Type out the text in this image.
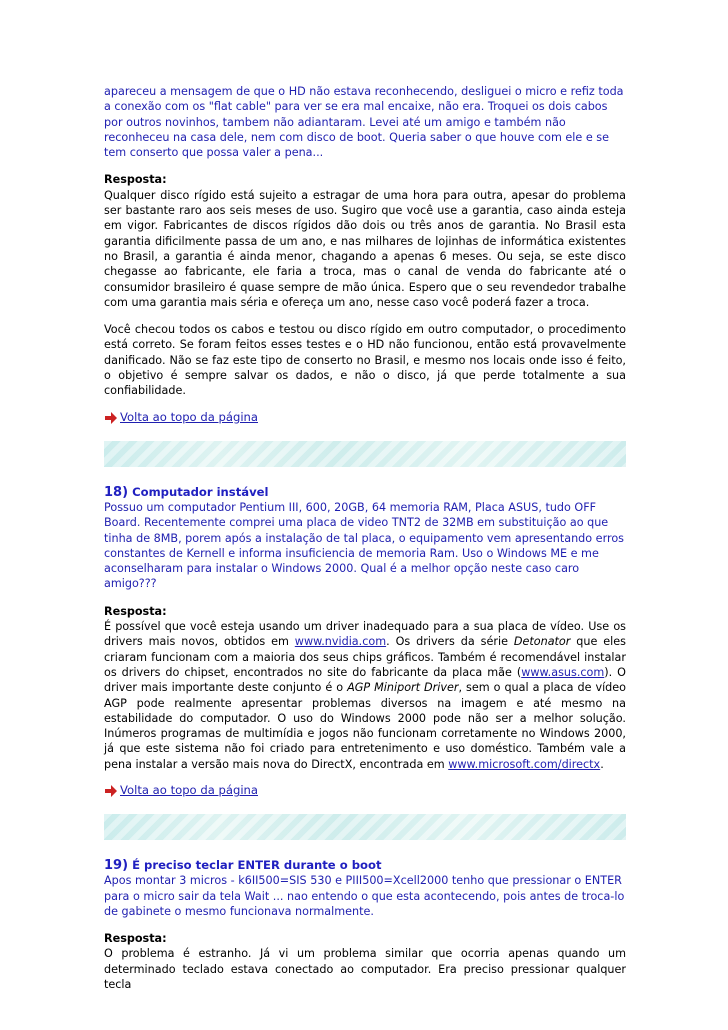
apareceu a mensagem de que o HD não estava reconhecendo, desliguei o micro e refiz toda a conexão com os "flat cable" para ver se era mal encaixe, não era. Troquei os dois cabos por outros novinhos, tambem não adiantaram. Levei até um amigo e também não reconheceu na casa dele, nem com disco de boot. Queria saber o que houve com ele e se tem conserto que possa valer a pena...

Resposta:
Qualquer disco rígido está sujeito a estragar de uma hora para outra, apesar do problema ser bastante raro aos seis meses de uso. Sugiro que você use a garantia, caso ainda esteja em vigor. Fabricantes de discos rígidos dão dois ou três anos de garantia. No Brasil esta garantia dificilmente passa de um ano, e nas milhares de lojinhas de informática existentes no Brasil, a garantia é ainda menor, chagando a apenas 6 meses. Ou seja, se este disco chegasse ao fabricante, ele faria a troca, mas o canal de venda do fabricante até o consumidor brasileiro é quase sempre de mão única. Espero que o seu revendedor trabalhe com uma garantia mais séria e ofereça um ano, nesse caso você poderá fazer a troca.

Você checou todos os cabos e testou ou disco rígido em outro computador, o procedimento está correto. Se foram feitos esses testes e o HD não funcionou, então está provavelmente danificado. Não se faz este tipo de conserto no Brasil, e mesmo nos locais onde isso é feito, o objetivo é sempre salvar os dados, e não o disco, já que perde totalmente a sua confiabilidade.

Volta ao topo da página

18) Computador instável

Possuo um computador Pentium III, 600, 20GB, 64 memoria RAM, Placa ASUS, tudo OFF Board. Recentemente comprei uma placa de video TNT2 de 32MB em substituição ao que tinha de 8MB, porem após a instalação de tal placa, o equipamento vem apresentando erros constantes de Kernell e informa insuficiencia de memoria Ram. Uso o Windows ME e me aconselharam para instalar o Windows 2000. Qual é a melhor opção neste caso caro amigo???

Resposta:
É possível que você esteja usando um driver inadequado para a sua placa de vídeo. Use os drivers mais novos, obtidos em www.nvidia.com. Os drivers da série Detonator que eles criaram funcionam com a maioria dos seus chips gráficos. Também é recomendável instalar os drivers do chipset, encontrados no site do fabricante da placa mãe (www.asus.com). O driver mais importante deste conjunto é o AGP Miniport Driver, sem o qual a placa de vídeo AGP pode realmente apresentar problemas diversos na imagem e até mesmo na estabilidade do computador. O uso do Windows 2000 pode não ser a melhor solução. Inúmeros programas de multimídia e jogos não funcionam corretamente no Windows 2000, já que este sistema não foi criado para entretenimento e uso doméstico. Também vale a pena instalar a versão mais nova do DirectX, encontrada em www.microsoft.com/directx.

Volta ao topo da página

19) É preciso teclar ENTER durante o boot

Apos montar 3 micros - k6II500=SIS 530 e PIII500=Xcell2000 tenho que pressionar o ENTER para o micro sair da tela Wait ... nao entendo o que esta acontecendo, pois antes de troca-lo de gabinete o mesmo funcionava normalmente.

Resposta:
O problema é estranho. Já vi um problema similar que ocorria apenas quando um determinado teclado estava conectado ao computador. Era preciso pressionar qualquer tecla
